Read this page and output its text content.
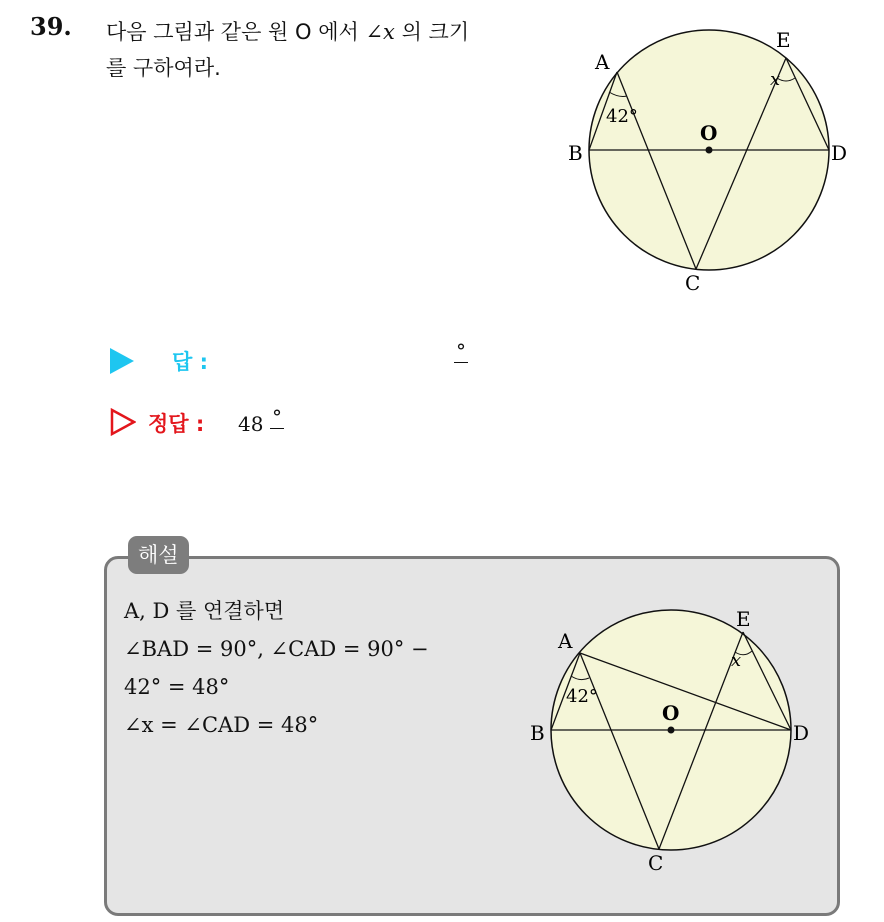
39. 다음 그림과 같은 원 O 에서 ∠x 의 크기
를 구하여라.	A
B
C
D
E
O
x
42°
답 :	°
정답 : 48 °
해설
A, D 를 연결하면
∠BAD = 90°, ∠CAD = 90° −
42° = 48°
∠x = ∠CAD = 48°
A
B
C
D
E
O
x
42°
